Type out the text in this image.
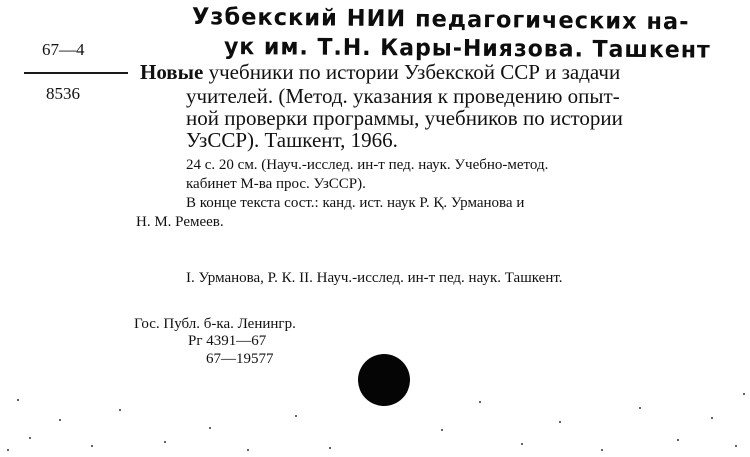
Узбекский НИИ педагогических на-
ук им. Т.Н. Кары-Ниязова. Ташкент
67—4
8536
Новые учебники по истории Узбекской ССР и задачи
учителей. (Метод. указания к проведению опыт-
ной проверки программы, учебников по истории
УзССР). Ташкент, 1966.
24 с. 20 см. (Науч.-исслед. ин-т пед. наук. Учебно-метод.
кабинет М-ва прос. УзССР).
В конце текста сост.: канд. ист. наук Р. Қ. Урманова и
Н. М. Ремеев.
I. Урманова, Р. К. II. Науч.-исслед. ин-т пед. наук. Ташкент.
Гос. Публ. б-ка. Ленингр.
Рг 4391—67
67—19577
